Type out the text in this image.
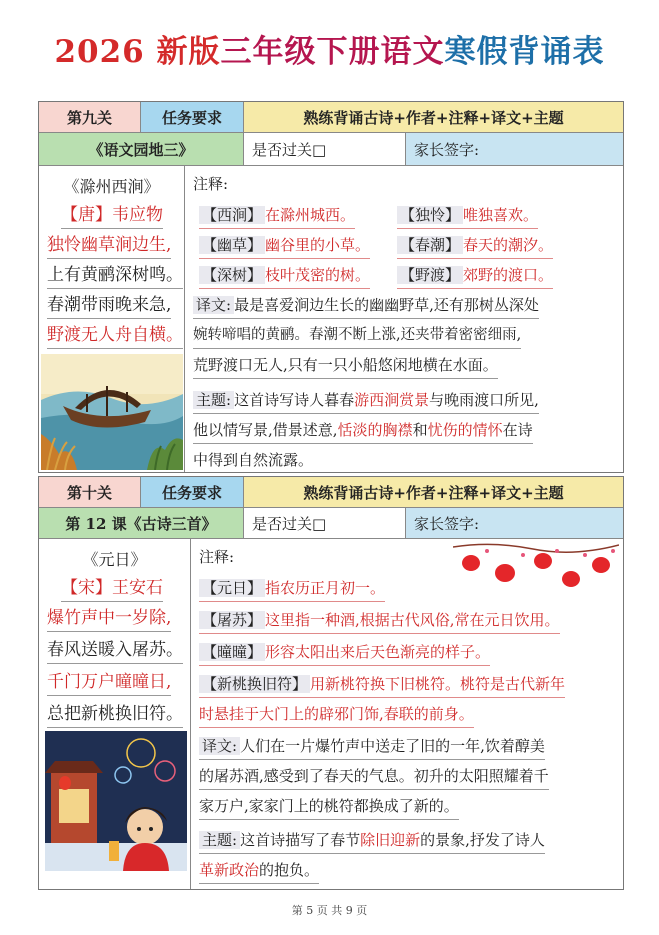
2026 新版三年级下册语文寒假背诵表
第九关	任务要求	熟练背诵古诗+作者+注释+译文+主题
《语文园地三》	是否过关□	家长签字:
《滁州西涧》
【唐】韦应物
独怜幽草涧边生,
上有黄鹂深树鸣。
春潮带雨晚来急,
野渡无人舟自横。
注释:
【西涧】 在滁州城西。	【独怜】 唯独喜欢。
【幽草】 幽谷里的小草。 【春潮】 春天的潮汐。
【深树】 枝叶茂密的树。 【野渡】 郊野的渡口。
译文: 最是喜爱涧边生长的幽幽野草,还有那树丛深处
婉转啼唱的黄鹂。春潮不断上涨,还夹带着密密细雨,
荒野渡口无人,只有一只小船悠闲地横在水面。
主题: 这首诗写诗人暮春游西涧赏景与晚雨渡口所见,
他以情写景,借景述意,恬淡的胸襟和忧伤的情怀在诗
中得到自然流露。
第十关	任务要求	熟练背诵古诗+作者+注释+译文+主题
第 12 课《古诗三首》	是否过关□	家长签字:
《元日》
【宋】王安石
爆竹声中一岁除,
春风送暖入屠苏。
千门万户曈曈日,
总把新桃换旧符。
注释:
【元日】 指农历正月初一。
【屠苏】 这里指一种酒,根据古代风俗,常在元日饮用。
【曈曈】 形容太阳出来后天色渐亮的样子。
【新桃换旧符】 用新桃符换下旧桃符。桃符是古代新年
时悬挂于大门上的辟邪门饰,春联的前身。
译文: 人们在一片爆竹声中送走了旧的一年,饮着醇美
的屠苏酒,感受到了春天的气息。初升的太阳照耀着千
家万户,家家门上的桃符都换成了新的。
主题: 这首诗描写了春节除旧迎新的景象,抒发了诗人
革新政治的抱负。
第 5 页 共 9 页
